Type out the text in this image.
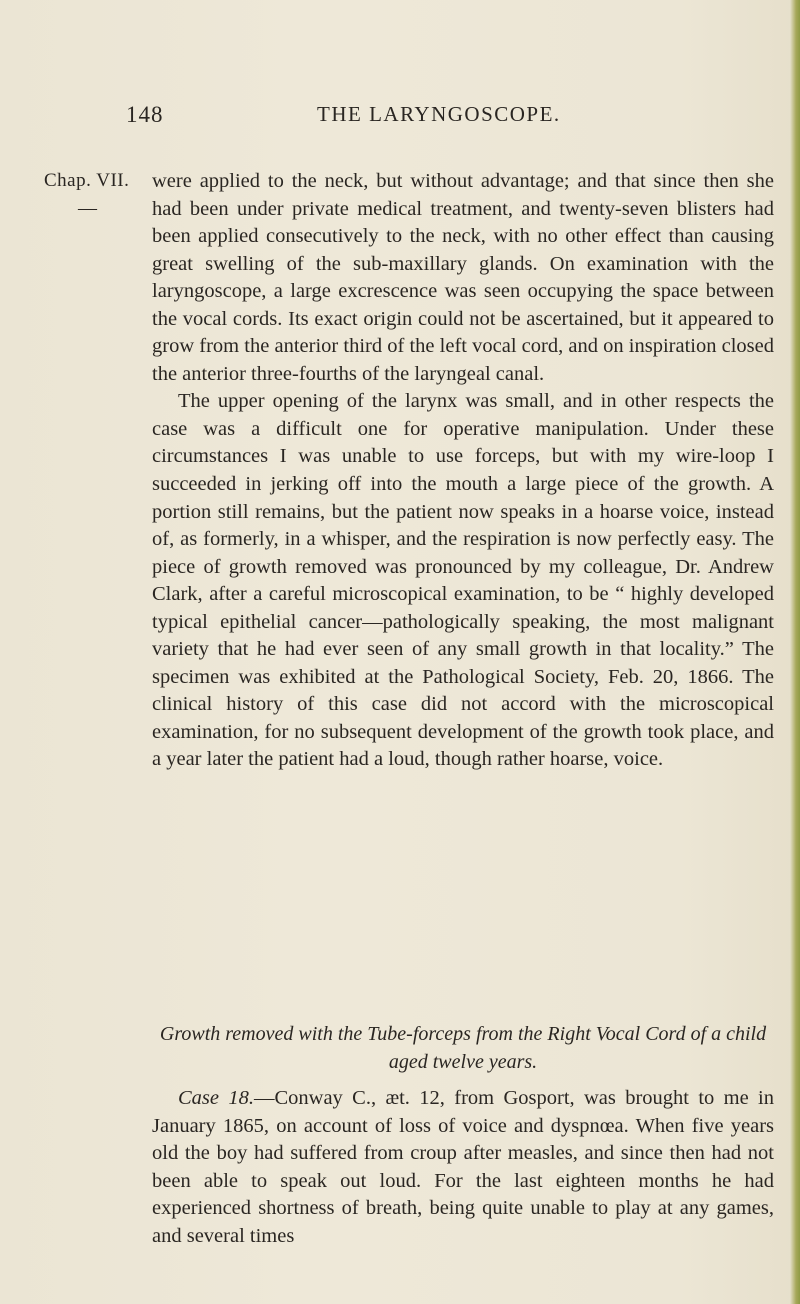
148	THE LARYNGOSCOPE.
Chap. VII.
—

were applied to the neck, but without advantage; and that since then she had been under private medical treatment, and twenty-seven blisters had been applied consecutively to the neck, with no other effect than causing great swelling of the sub-maxillary glands. On examination with the laryngoscope, a large excrescence was seen occupying the space between the vocal cords. Its exact origin could not be ascertained, but it appeared to grow from the anterior third of the left vocal cord, and on inspiration closed the anterior three-fourths of the laryngeal canal.

The upper opening of the larynx was small, and in other respects the case was a difficult one for operative manipulation. Under these circumstances I was unable to use forceps, but with my wire-loop I succeeded in jerking off into the mouth a large piece of the growth. A portion still remains, but the patient now speaks in a hoarse voice, instead of, as formerly, in a whisper, and the respiration is now perfectly easy. The piece of growth removed was pronounced by my colleague, Dr. Andrew Clark, after a careful microscopical examination, to be “ highly developed typical epithelial cancer—pathologically speaking, the most malignant variety that he had ever seen of any small growth in that locality.” The specimen was exhibited at the Pathological Society, Feb. 20, 1866. The clinical history of this case did not accord with the microscopical examination, for no subsequent development of the growth took place, and a year later the patient had a loud, though rather hoarse, voice.

Growth removed with the Tube-forceps from the Right Vocal Cord of a child aged twelve years.

Case 18.—Conway C., æt. 12, from Gosport, was brought to me in January 1865, on account of loss of voice and dyspnœa. When five years old the boy had suffered from croup after measles, and since then had not been able to speak out loud. For the last eighteen months he had experienced shortness of breath, being quite unable to play at any games, and several times
